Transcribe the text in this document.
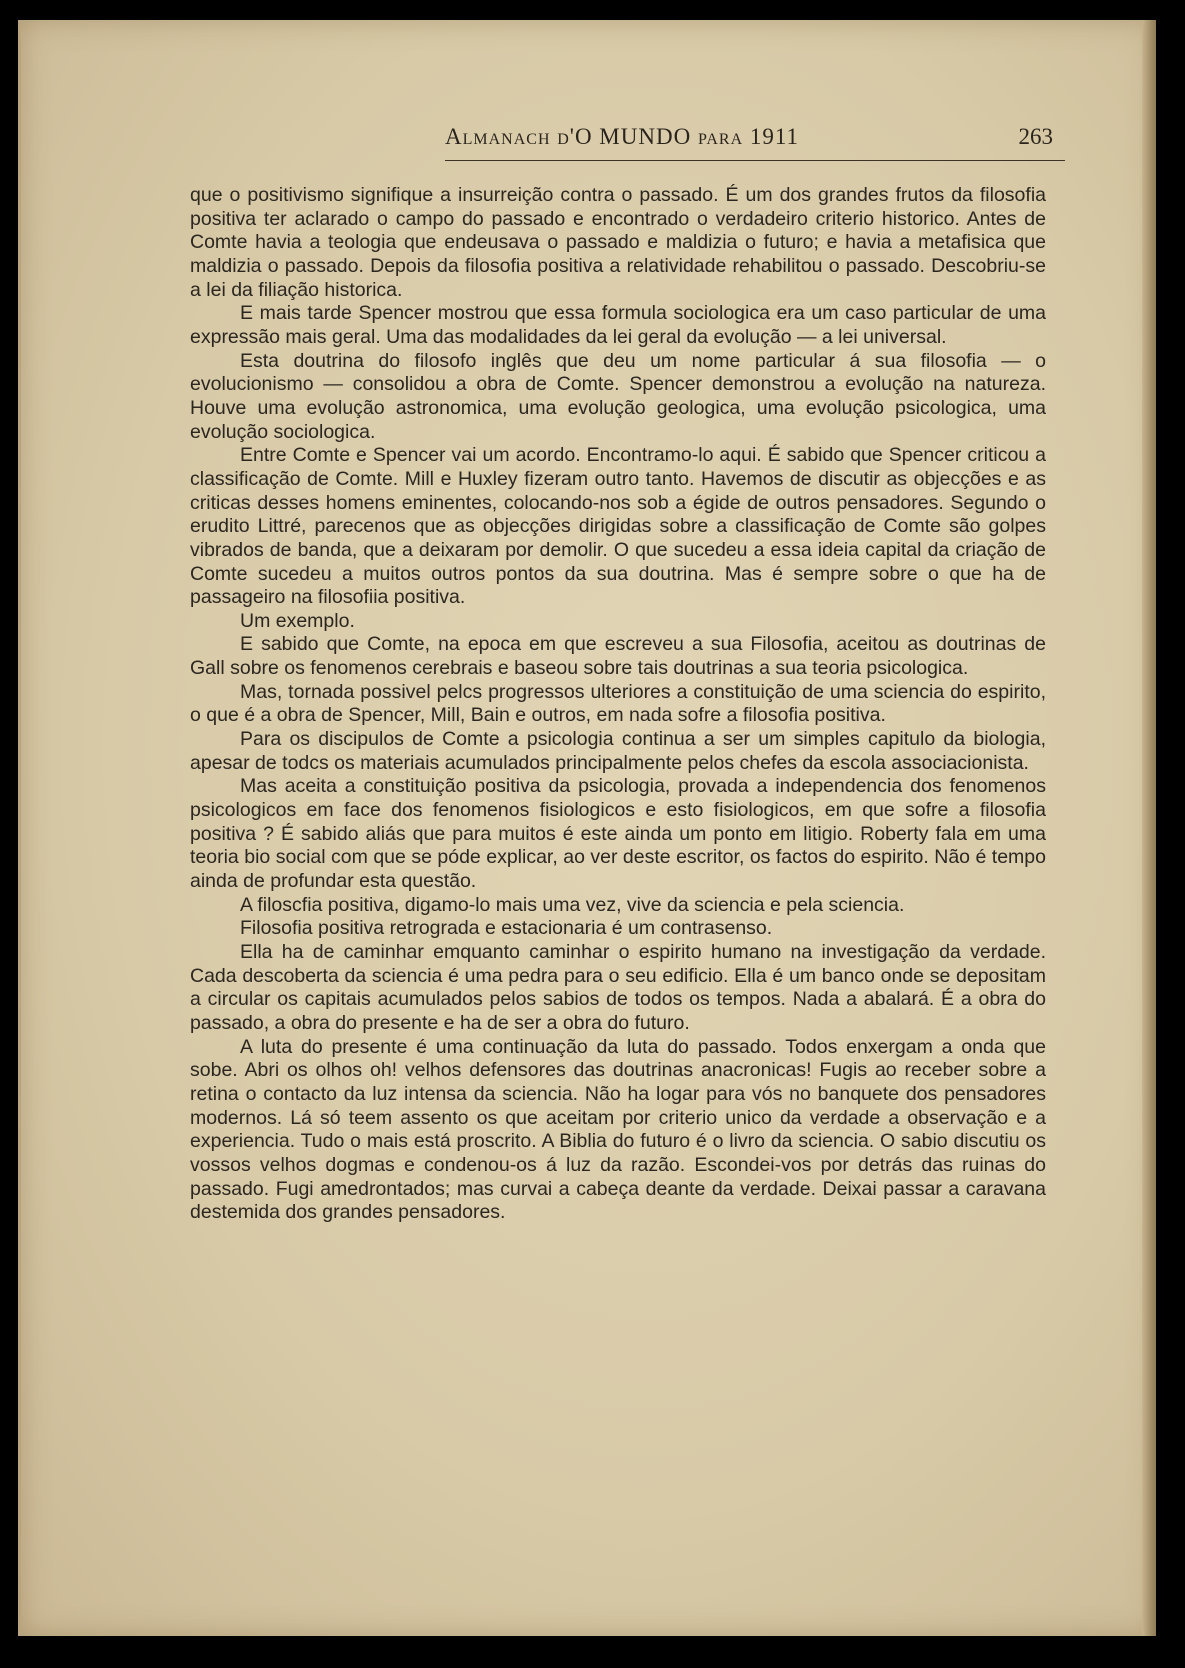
Almanach d'O MUNDO para 1911	263

que o positivismo signifique a insurreição contra o passado. É um dos grandes frutos da filosofia positiva ter aclarado o campo do passado e encontrado o verdadeiro criterio historico. Antes de Comte havia a teologia que endeusava o passado e maldizia o futuro; e havia a metafisica que maldizia o passado. Depois da filosofia positiva a relatividade rehabilitou o passado. Descobriu-se a lei da filiação historica.

E mais tarde Spencer mostrou que essa formula sociologica era um caso particular de uma expressão mais geral. Uma das modalidades da lei geral da evolução — a lei universal.

Esta doutrina do filosofo inglês que deu um nome particular á sua filosofia — o evolucionismo — consolidou a obra de Comte. Spencer demonstrou a evolução na natureza. Houve uma evolução astronomica, uma evolução geologica, uma evolução psicologica, uma evolução sociologica.

Entre Comte e Spencer vai um acordo. Encontramo-lo aqui. É sabido que Spencer criticou a classificação de Comte. Mill e Huxley fizeram outro tanto. Havemos de discutir as objecções e as criticas desses homens eminentes, colocando-nos sob a égide de outros pensadores. Segundo o erudito Littré, parecenos que as objecções dirigidas sobre a classificação de Comte são golpes vibrados de banda, que a deixaram por demolir. O que sucedeu a essa ideia capital da criação de Comte sucedeu a muitos outros pontos da sua doutrina. Mas é sempre sobre o que ha de passageiro na filosofiia positiva.

Um exemplo.

E sabido que Comte, na epoca em que escreveu a sua Filosofia, aceitou as doutrinas de Gall sobre os fenomenos cerebrais e baseou sobre tais doutrinas a sua teoria psicologica.

Mas, tornada possivel pelcs progressos ulteriores a constituição de uma sciencia do espirito, o que é a obra de Spencer, Mill, Bain e outros, em nada sofre a filosofia positiva.

Para os discipulos de Comte a psicologia continua a ser um simples capitulo da biologia, apesar de todcs os materiais acumulados principalmente pelos chefes da escola associacionista.

Mas aceita a constituição positiva da psicologia, provada a independencia dos fenomenos psicologicos em face dos fenomenos fisiologicos e esto fisiologicos, em que sofre a filosofia positiva ? É sabido aliás que para muitos é este ainda um ponto em litigio. Roberty fala em uma teoria bio social com que se póde explicar, ao ver deste escritor, os factos do espirito. Não é tempo ainda de profundar esta questão.

A filoscfia positiva, digamo-lo mais uma vez, vive da sciencia e pela sciencia.

Filosofia positiva retrograda e estacionaria é um contrasenso.

Ella ha de caminhar emquanto caminhar o espirito humano na investigação da verdade. Cada descoberta da sciencia é uma pedra para o seu edificio. Ella é um banco onde se depositam a circular os capitais acumulados pelos sabios de todos os tempos. Nada a abalará. É a obra do passado, a obra do presente e ha de ser a obra do futuro.

A luta do presente é uma continuação da luta do passado. Todos enxergam a onda que sobe. Abri os olhos oh! velhos defensores das doutrinas anacronicas! Fugis ao receber sobre a retina o contacto da luz intensa da sciencia. Não ha logar para vós no banquete dos pensadores modernos. Lá só teem assento os que aceitam por criterio unico da verdade a observação e a experiencia. Tudo o mais está proscrito. A Biblia do futuro é o livro da sciencia. O sabio discutiu os vossos velhos dogmas e condenou-os á luz da razão. Escondei-vos por detrás das ruinas do passado. Fugi amedrontados; mas curvai a cabeça deante da verdade. Deixai passar a caravana destemida dos grandes pensadores.
